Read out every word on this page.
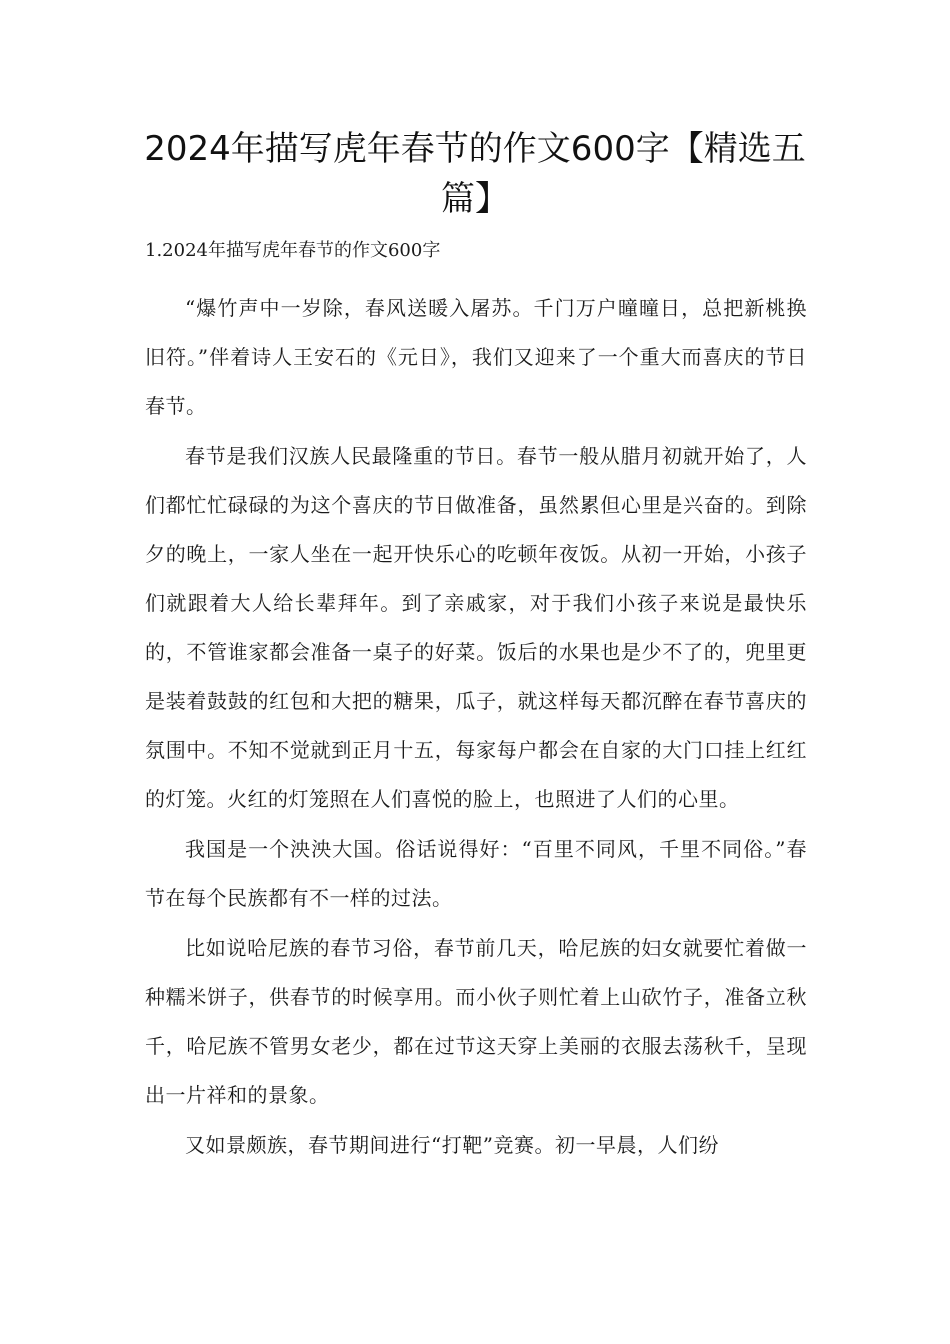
2024年描写虎年春节的作文600字【精选五篇】

1.2024年描写虎年春节的作文600字

“爆竹声中一岁除，春风送暖入屠苏。千门万户曈曈日，总把新桃换旧符。”伴着诗人王安石的《元日》，我们又迎来了一个重大而喜庆的节日春节。

春节是我们汉族人民最隆重的节日。春节一般从腊月初就开始了，人们都忙忙碌碌的为这个喜庆的节日做准备，虽然累但心里是兴奋的。到除夕的晚上，一家人坐在一起开快乐心的吃顿年夜饭。从初一开始，小孩子们就跟着大人给长辈拜年。到了亲戚家，对于我们小孩子来说是最快乐的，不管谁家都会准备一桌子的好菜。饭后的水果也是少不了的，兜里更是装着鼓鼓的红包和大把的糖果，瓜子，就这样每天都沉醉在春节喜庆的氛围中。不知不觉就到正月十五，每家每户都会在自家的大门口挂上红红的灯笼。火红的灯笼照在人们喜悦的脸上，也照进了人们的心里。

我国是一个泱泱大国。俗话说得好：“百里不同风，千里不同俗。”春节在每个民族都有不一样的过法。

比如说哈尼族的春节习俗，春节前几天，哈尼族的妇女就要忙着做一种糯米饼子，供春节的时候享用。而小伙子则忙着上山砍竹子，准备立秋千，哈尼族不管男女老少，都在过节这天穿上美丽的衣服去荡秋千，呈现出一片祥和的景象。

又如景颇族，春节期间进行“打靶”竞赛。初一早晨，人们纷
